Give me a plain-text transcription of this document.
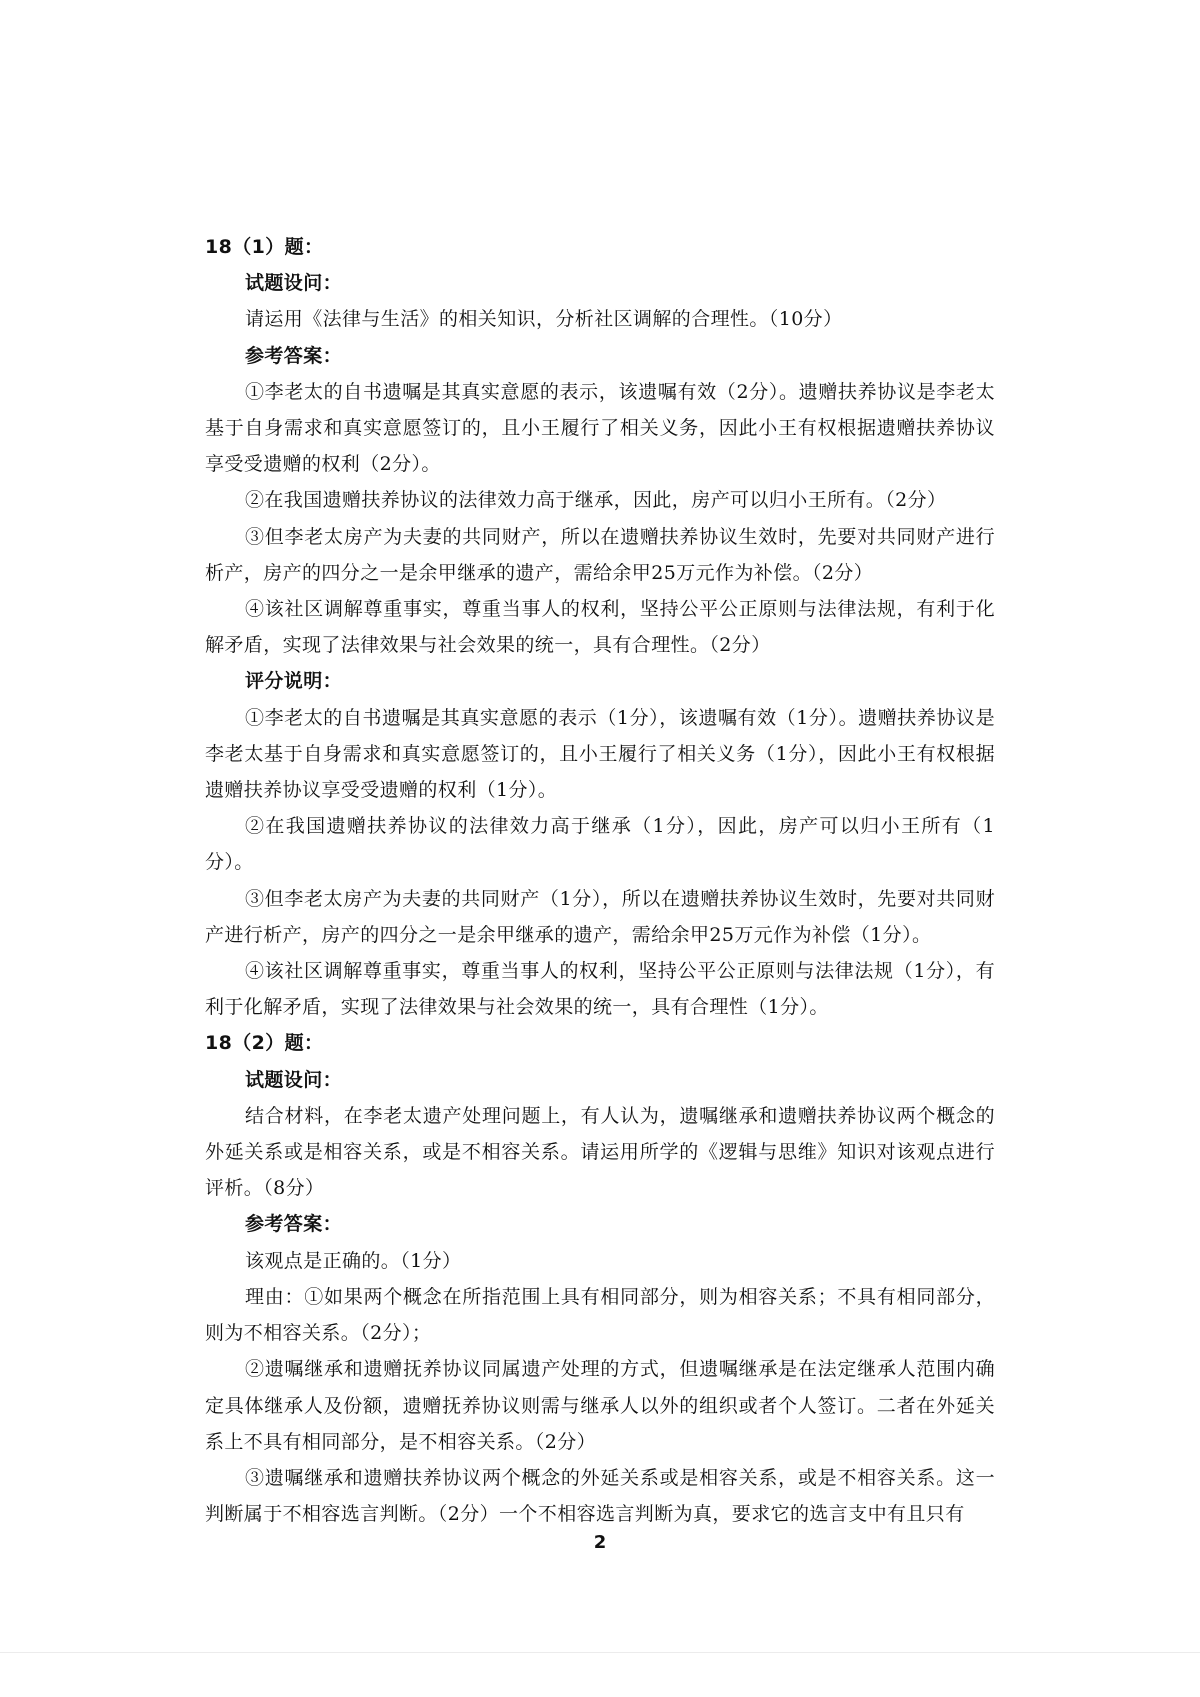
18（1）题：

试题设问：

请运用《法律与生活》的相关知识，分析社区调解的合理性。（10分）

参考答案：

①李老太的自书遗嘱是其真实意愿的表示，该遗嘱有效（2分）。遗赠扶养协议是李老太基于自身需求和真实意愿签订的，且小王履行了相关义务，因此小王有权根据遗赠扶养协议享受受遗赠的权利（2分）。

②在我国遗赠扶养协议的法律效力高于继承，因此，房产可以归小王所有。（2分）

③但李老太房产为夫妻的共同财产，所以在遗赠扶养协议生效时，先要对共同财产进行析产，房产的四分之一是余甲继承的遗产，需给余甲25万元作为补偿。（2分）

④该社区调解尊重事实，尊重当事人的权利，坚持公平公正原则与法律法规，有利于化解矛盾，实现了法律效果与社会效果的统一，具有合理性。（2分）

评分说明：

①李老太的自书遗嘱是其真实意愿的表示（1分），该遗嘱有效（1分）。遗赠扶养协议是李老太基于自身需求和真实意愿签订的，且小王履行了相关义务（1分），因此小王有权根据遗赠扶养协议享受受遗赠的权利（1分）。

②在我国遗赠扶养协议的法律效力高于继承（1分），因此，房产可以归小王所有（1分）。

③但李老太房产为夫妻的共同财产（1分），所以在遗赠扶养协议生效时，先要对共同财产进行析产，房产的四分之一是余甲继承的遗产，需给余甲25万元作为补偿（1分）。

④该社区调解尊重事实，尊重当事人的权利，坚持公平公正原则与法律法规（1分），有利于化解矛盾，实现了法律效果与社会效果的统一，具有合理性（1分）。

18（2）题：

试题设问：

结合材料，在李老太遗产处理问题上，有人认为，遗嘱继承和遗赠扶养协议两个概念的外延关系或是相容关系，或是不相容关系。请运用所学的《逻辑与思维》知识对该观点进行评析。（8分）

参考答案：

该观点是正确的。（1分）

理由：①如果两个概念在所指范围上具有相同部分，则为相容关系；不具有相同部分，则为不相容关系。（2分）；

②遗嘱继承和遗赠抚养协议同属遗产处理的方式，但遗嘱继承是在法定继承人范围内确定具体继承人及份额，遗赠抚养协议则需与继承人以外的组织或者个人签订。二者在外延关系上不具有相同部分，是不相容关系。（2分）

③遗嘱继承和遗赠扶养协议两个概念的外延关系或是相容关系，或是不相容关系。这一判断属于不相容选言判断。（2分）一个不相容选言判断为真，要求它的选言支中有且只有

2
